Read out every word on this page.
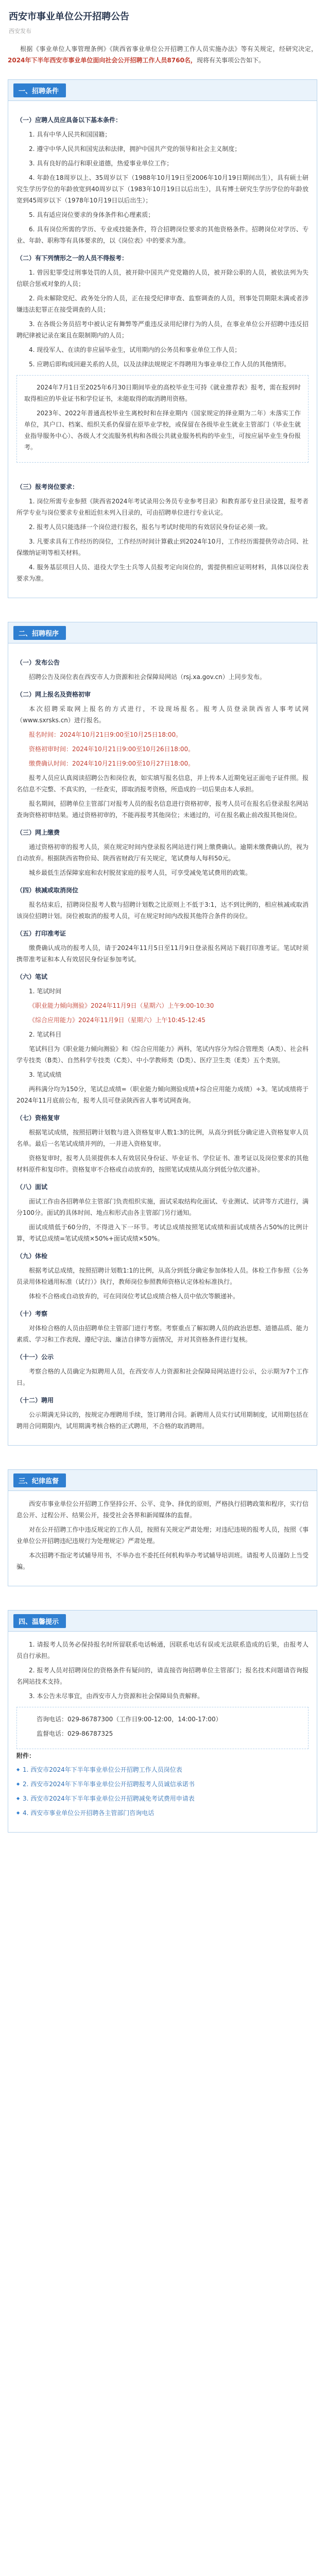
西安市事业单位公开招聘公告
西安发布

根据《事业单位人事管理条例》《陕西省事业单位公开招聘工作人员实施办法》等有关规定，经研究决定，2024年下半年西安市事业单位面向社会公开招聘工作人员8760名，现将有关事项公告如下。

一、招聘条件

（一）应聘人员应具备以下基本条件：

1. 具有中华人民共和国国籍；

2. 遵守中华人民共和国宪法和法律，拥护中国共产党的领导和社会主义制度；

3. 具有良好的品行和职业道德，热爱事业单位工作；

4. 年龄在18周岁以上、35周岁以下（1988年10月19日至2006年10月19日期间出生），具有硕士研究生学历学位的年龄放宽到40周岁以下（1983年10月19日以后出生），具有博士研究生学历学位的年龄放宽到45周岁以下（1978年10月19日以后出生）；

5. 具有适应岗位要求的身体条件和心理素质；

6. 具有岗位所需的学历、专业或技能条件，符合招聘岗位要求的其他资格条件。招聘岗位对学历、专业、年龄、职称等有具体要求的，以《岗位表》中的要求为准。

（二）有下列情形之一的人员不得报考：

1. 曾因犯罪受过刑事处罚的人员，被开除中国共产党党籍的人员，被开除公职的人员，被依法列为失信联合惩戒对象的人员；

2. 尚未解除党纪、政务处分的人员，正在接受纪律审查、监察调查的人员，刑事处罚期限未满或者涉嫌违法犯罪正在接受调查的人员；

3. 在各级公务员招考中被认定有舞弊等严重违反录用纪律行为的人员，在事业单位公开招聘中违反招聘纪律被记录在案且在限制期内的人员；

4. 现役军人、在读的非应届毕业生，试用期内的公务员和事业单位工作人员；

5. 应聘后即构成回避关系的人员，以及法律法规规定不得聘用为事业单位工作人员的其他情形。

2024年7月1日至2025年6月30日期间毕业的高校毕业生可持《就业推荐表》报考，需在报到时取得相应的毕业证书和学位证书，未能取得的取消聘用资格。

2023年、2022年普通高校毕业生离校时和在择业期内（国家规定的择业期为二年）未落实工作单位，其户口、档案、组织关系仍保留在原毕业学校，或保留在各级毕业生就业主管部门（毕业生就业指导服务中心）、各级人才交流服务机构和各级公共就业服务机构的毕业生，可按应届毕业生身份报考。

（三）报考岗位要求：

1. 岗位所需专业参照《陕西省2024年考试录用公务员专业参考目录》和教育部专业目录设置，报考者所学专业与岗位要求专业相近但未列入目录的，可由招聘单位进行专业认定。

2. 报考人员只能选择一个岗位进行报名，报名与考试时使用的有效居民身份证必须一致。

3. 凡要求具有工作经历的岗位，工作经历时间计算截止到2024年10月，工作经历需提供劳动合同、社保缴纳证明等相关材料。

4. 服务基层项目人员、退役大学生士兵等人员报考定向岗位的，需提供相应证明材料，具体以岗位表要求为准。

二、招聘程序

（一）发布公告

招聘公告及岗位表在西安市人力资源和社会保障局网站（rsj.xa.gov.cn）上同步发布。

（二）网上报名及资格初审

本次招聘采取网上报名的方式进行，不设现场报名。报考人员登录陕西省人事考试网（www.sxrsks.cn）进行报名。

报名时间：2024年10月21日9:00至10月25日18:00。

资格初审时间：2024年10月21日9:00至10月26日18:00。

缴费确认时间：2024年10月21日9:00至10月27日18:00。

报考人员应认真阅读招聘公告和岗位表，如实填写报名信息，并上传本人近期免冠正面电子证件照。报名信息不完整、不真实的，一经查实，即取消报考资格，所造成的一切后果由本人承担。

报名期间，招聘单位主管部门对报考人员的报名信息进行资格初审，报考人员可在报名后登录报名网站查询资格初审结果。通过资格初审的，不能再报考其他岗位；未通过的，可在报名截止前改报其他岗位。

（三）网上缴费

通过资格初审的报考人员，须在规定时间内登录报名网站进行网上缴费确认。逾期未缴费确认的，视为自动放弃。根据陕西省物价局、陕西省财政厅有关规定，笔试费每人每科50元。

城乡最低生活保障家庭和农村脱贫家庭的报考人员，可享受减免笔试费用的政策。

（四）核减或取消岗位

报名结束后，招聘岗位报考人数与招聘计划数之比原则上不低于3:1，达不到比例的，相应核减或取消该岗位招聘计划。岗位被取消的报考人员，可在规定时间内改报其他符合条件的岗位。

（五）打印准考证

缴费确认成功的报考人员，请于2024年11月5日至11月9日登录报名网站下载打印准考证。笔试时须携带准考证和本人有效居民身份证参加考试。

（六）笔试

1. 笔试时间

《职业能力倾向测验》2024年11月9日（星期六）上午9:00-10:30

《综合应用能力》2024年11月9日（星期六）上午10:45-12:45

2. 笔试科目

笔试科目为《职业能力倾向测验》和《综合应用能力》两科，笔试内容分为综合管理类（A类）、社会科学专技类（B类）、自然科学专技类（C类）、中小学教师类（D类）、医疗卫生类（E类）五个类别。

3. 笔试成绩

两科满分均为150分，笔试总成绩=（职业能力倾向测验成绩+综合应用能力成绩）÷3。笔试成绩将于2024年11月底前公布，报考人员可登录陕西省人事考试网查询。

（七）资格复审

根据笔试成绩，按照招聘计划数与进入资格复审人数1:3的比例，从高分到低分确定进入资格复审人员名单。最后一名笔试成绩并列的，一并进入资格复审。

资格复审时，报考人员须提供本人有效居民身份证、毕业证书、学位证书、准考证以及岗位要求的其他材料原件和复印件。资格复审不合格或自动放弃的，按照笔试成绩从高分到低分依次递补。

（八）面试

面试工作由各招聘单位主管部门负责组织实施，面试采取结构化面试、专业测试、试讲等方式进行，满分100分。面试的具体时间、地点和形式由各主管部门另行通知。

面试成绩低于60分的，不得进入下一环节。考试总成绩按照笔试成绩和面试成绩各占50%的比例计算，考试总成绩=笔试成绩×50%+面试成绩×50%。

（九）体检

根据考试总成绩，按照招聘计划数1:1的比例，从高分到低分确定参加体检人员。体检工作参照《公务员录用体检通用标准（试行）》执行，教师岗位参照教师资格认定体检标准执行。

体检不合格或自动放弃的，可在同岗位考试总成绩合格人员中依次等额递补。

（十）考察

对体检合格的人员由招聘单位主管部门进行考察。考察重点了解拟聘人员的政治思想、道德品质、能力素质、学习和工作表现、遵纪守法、廉洁自律等方面情况，并对其资格条件进行复核。

（十一）公示

考察合格的人员确定为拟聘用人员，在西安市人力资源和社会保障局网站进行公示，公示期为7个工作日。

（十二）聘用

公示期满无异议的，按规定办理聘用手续，签订聘用合同。新聘用人员实行试用期制度，试用期包括在聘用合同期限内，试用期满考核合格的正式聘用，不合格的取消聘用。

三、纪律监督

西安市事业单位公开招聘工作坚持公开、公平、竞争、择优的原则，严格执行招聘政策和程序，实行信息公开、过程公开、结果公开，接受社会各界和新闻媒体的监督。

对在公开招聘工作中违反规定的工作人员，按照有关规定严肃处理；对违纪违规的报考人员，按照《事业单位公开招聘违纪违规行为处理规定》严肃处理。

本次招聘不指定考试辅导用书，不举办也不委托任何机构举办考试辅导培训班。请报考人员谨防上当受骗。

四、温馨提示

1. 请报考人员务必保持报名时所留联系电话畅通，因联系电话有误或无法联系造成的后果，由报考人员自行承担。

2. 报考人员对招聘岗位的资格条件有疑问的，请直接咨询招聘单位主管部门；报名技术问题请咨询报名网站技术支持。

3. 本公告未尽事宜，由西安市人力资源和社会保障局负责解释。

咨询电话：029-86787300（工作日9:00-12:00，14:00-17:00）

监督电话：029-86787325

附件：

◆ 1. 西安市2024年下半年事业单位公开招聘工作人员岗位表

◆ 2. 西安市2024年下半年事业单位公开招聘报考人员诚信承诺书

◆ 3. 西安市2024年下半年事业单位公开招聘减免考试费用申请表

◆ 4. 西安市事业单位公开招聘各主管部门咨询电话
